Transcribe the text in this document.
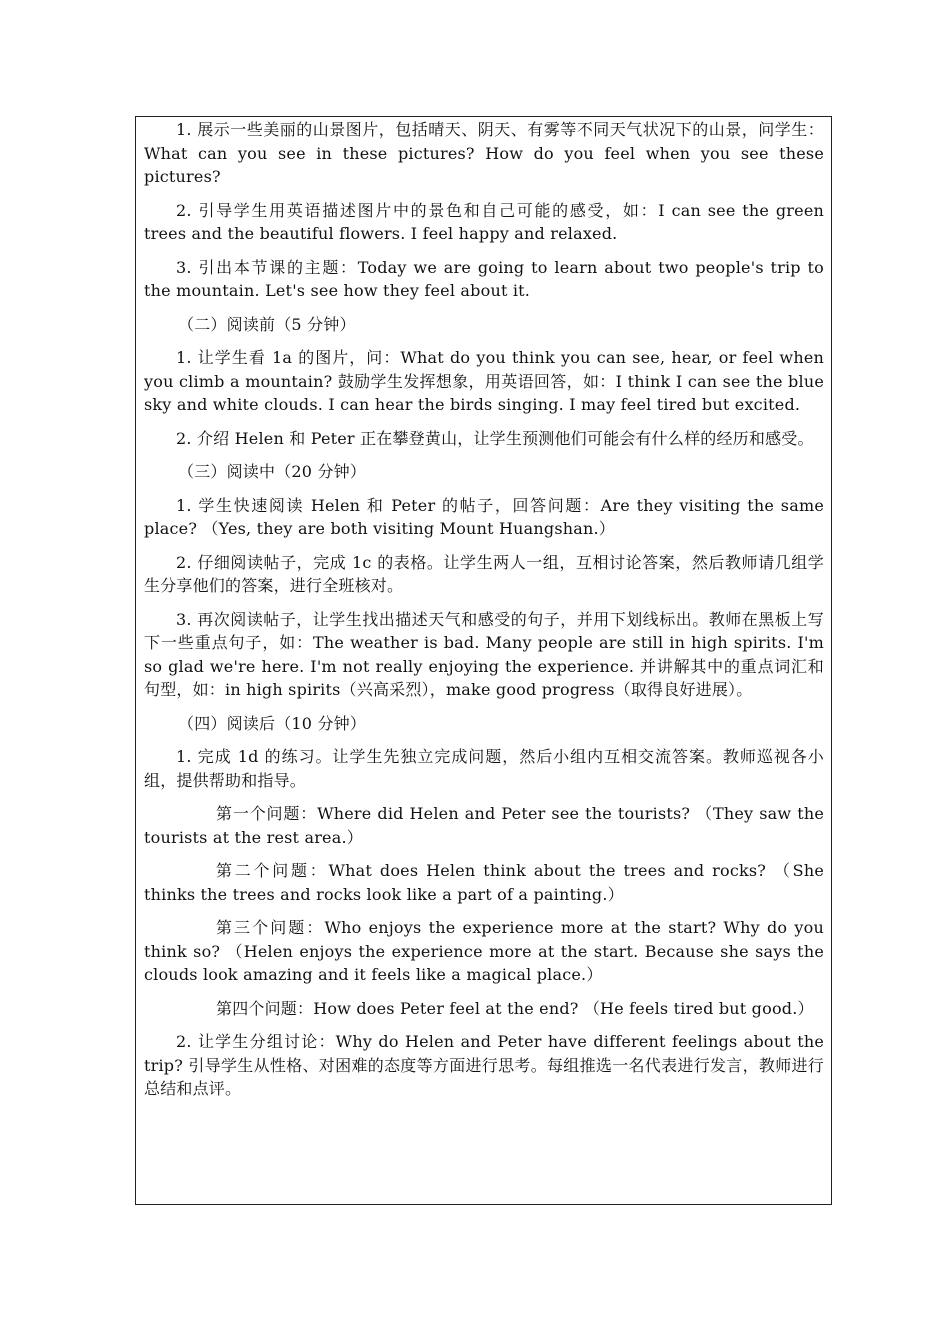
1. 展示一些美丽的山景图片，包括晴天、阴天、有雾等不同天气状况下的山景，问学生：What can you see in these pictures? How do you feel when you see these pictures?

2. 引导学生用英语描述图片中的景色和自己可能的感受，如：I can see the green trees and the beautiful flowers. I feel happy and relaxed.

3. 引出本节课的主题：Today we are going to learn about two people's trip to the mountain. Let's see how they feel about it.

（二）阅读前（5 分钟）

1. 让学生看 1a 的图片，问：What do you think you can see, hear, or feel when you climb a mountain? 鼓励学生发挥想象，用英语回答，如：I think I can see the blue sky and white clouds. I can hear the birds singing. I may feel tired but excited.

2. 介绍 Helen 和 Peter 正在攀登黄山，让学生预测他们可能会有什么样的经历和感受。

（三）阅读中（20 分钟）

1. 学生快速阅读 Helen 和 Peter 的帖子，回答问题：Are they visiting the same place? （Yes, they are both visiting Mount Huangshan.）

2. 仔细阅读帖子，完成 1c 的表格。让学生两人一组，互相讨论答案，然后教师请几组学生分享他们的答案，进行全班核对。

3. 再次阅读帖子，让学生找出描述天气和感受的句子，并用下划线标出。教师在黑板上写下一些重点句子，如：The weather is bad. Many people are still in high spirits. I'm so glad we're here. I'm not really enjoying the experience. 并讲解其中的重点词汇和句型，如：in high spirits（兴高采烈），make good progress（取得良好进展）。

（四）阅读后（10 分钟）

1. 完成 1d 的练习。让学生先独立完成问题，然后小组内互相交流答案。教师巡视各小组，提供帮助和指导。

第一个问题：Where did Helen and Peter see the tourists? （They saw the tourists at the rest area.）

第二个问题：What does Helen think about the trees and rocks? （She thinks the trees and rocks look like a part of a painting.）

第三个问题：Who enjoys the experience more at the start? Why do you think so? （Helen enjoys the experience more at the start. Because she says the clouds look amazing and it feels like a magical place.）

第四个问题：How does Peter feel at the end? （He feels tired but good.）

2. 让学生分组讨论：Why do Helen and Peter have different feelings about the trip? 引导学生从性格、对困难的态度等方面进行思考。每组推选一名代表进行发言，教师进行总结和点评。
